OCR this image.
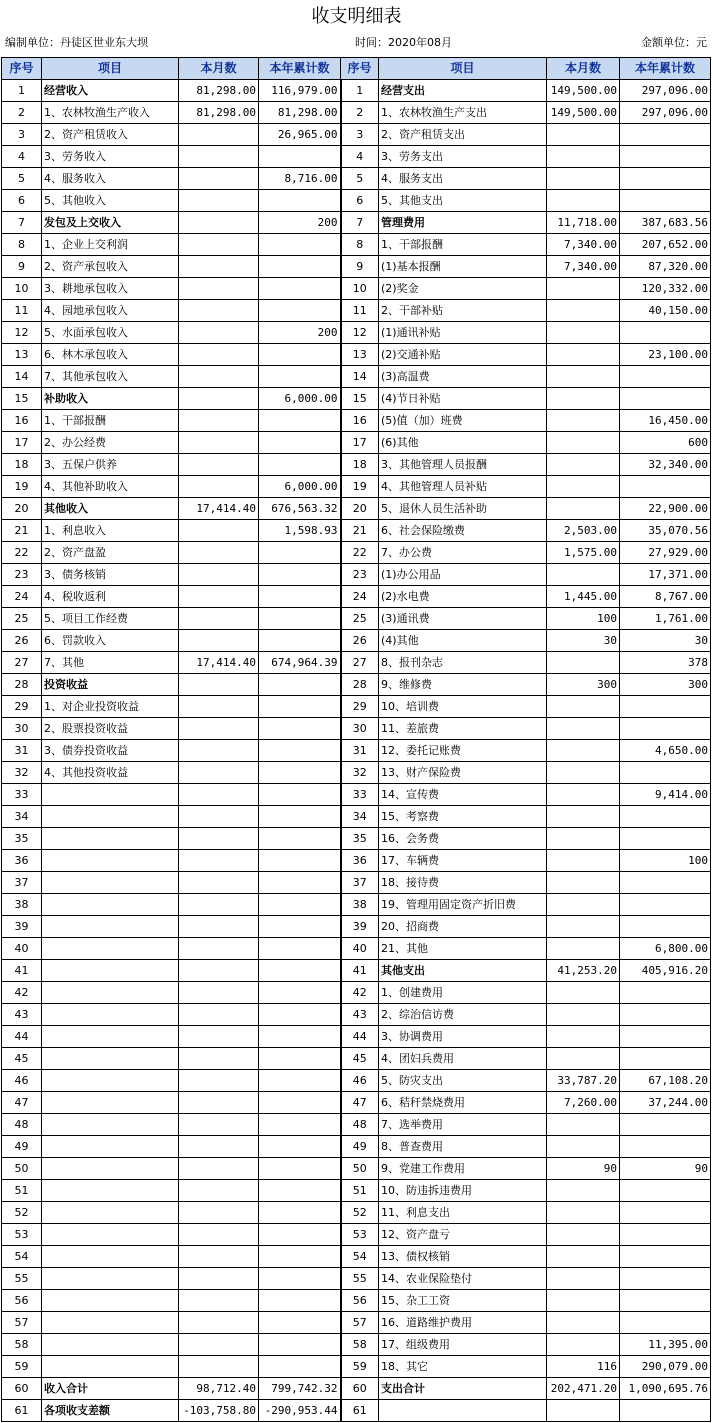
收支明细表
编制单位：丹徒区世业东大坝	时间：2020年08月	金额单位：元
序号	项目	本月数	本年累计数	序号	项目	本月数	本年累计数
1	经营收入	81,298.00	116,979.00	1	经营支出	149,500.00	297,096.00
2	1、农林牧渔生产收入	81,298.00	81,298.00	2	1、农林牧渔生产支出	149,500.00	297,096.00
3	2、资产租赁收入		26,965.00	3	2、资产租赁支出		
4	3、劳务收入			4	3、劳务支出		
5	4、服务收入		8,716.00	5	4、服务支出		
6	5、其他收入			6	5、其他支出		
7	发包及上交收入		200	7	管理费用	11,718.00	387,683.56
8	1、企业上交利润			8	1、干部报酬	7,340.00	207,652.00
9	2、资产承包收入			9	(1)基本报酬	7,340.00	87,320.00
10	3、耕地承包收入			10	(2)奖金		120,332.00
11	4、园地承包收入			11	2、干部补贴		40,150.00
12	5、水面承包收入		200	12	(1)通讯补贴		
13	6、林木承包收入			13	(2)交通补贴		23,100.00
14	7、其他承包收入			14	(3)高温费		
15	补助收入		6,000.00	15	(4)节日补贴		
16	1、干部报酬			16	(5)值（加）班费		16,450.00
17	2、办公经费			17	(6)其他		600
18	3、五保户供养			18	3、其他管理人员报酬		32,340.00
19	4、其他补助收入		6,000.00	19	4、其他管理人员补贴		
20	其他收入	17,414.40	676,563.32	20	5、退休人员生活补助		22,900.00
21	1、利息收入		1,598.93	21	6、社会保险缴费	2,503.00	35,070.56
22	2、资产盘盈			22	7、办公费	1,575.00	27,929.00
23	3、债务核销			23	(1)办公用品		17,371.00
24	4、税收返利			24	(2)水电费	1,445.00	8,767.00
25	5、项目工作经费			25	(3)通讯费	100	1,761.00
26	6、罚款收入			26	(4)其他	30	30
27	7、其他	17,414.40	674,964.39	27	8、报刊杂志		378
28	投资收益			28	9、维修费	300	300
29	1、对企业投资收益			29	10、培训费		
30	2、股票投资收益			30	11、差旅费		
31	3、债券投资收益			31	12、委托记账费		4,650.00
32	4、其他投资收益			32	13、财产保险费		
33				33	14、宣传费		9,414.00
34				34	15、考察费		
35				35	16、会务费		
36				36	17、车辆费		100
37				37	18、接待费		
38				38	19、管理用固定资产折旧费		
39				39	20、招商费		
40				40	21、其他		6,800.00
41				41	其他支出	41,253.20	405,916.20
42				42	1、创建费用		
43				43	2、综治信访费		
44				44	3、协调费用		
45				45	4、团妇兵费用		
46				46	5、防灾支出	33,787.20	67,108.20
47				47	6、秸秆禁烧费用	7,260.00	37,244.00
48				48	7、选举费用		
49				49	8、普查费用		
50				50	9、党建工作费用	90	90
51				51	10、防违拆违费用		
52				52	11、利息支出		
53				53	12、资产盘亏		
54				54	13、债权核销		
55				55	14、农业保险垫付		
56				56	15、杂工工资		
57				57	16、道路维护费用		
58				58	17、组级费用		11,395.00
59				59	18、其它	116	290,079.00
60	收入合计	98,712.40	799,742.32	60	支出合计	202,471.20	1,090,695.76
61	各项收支差额	-103,758.80	-290,953.44	61			
